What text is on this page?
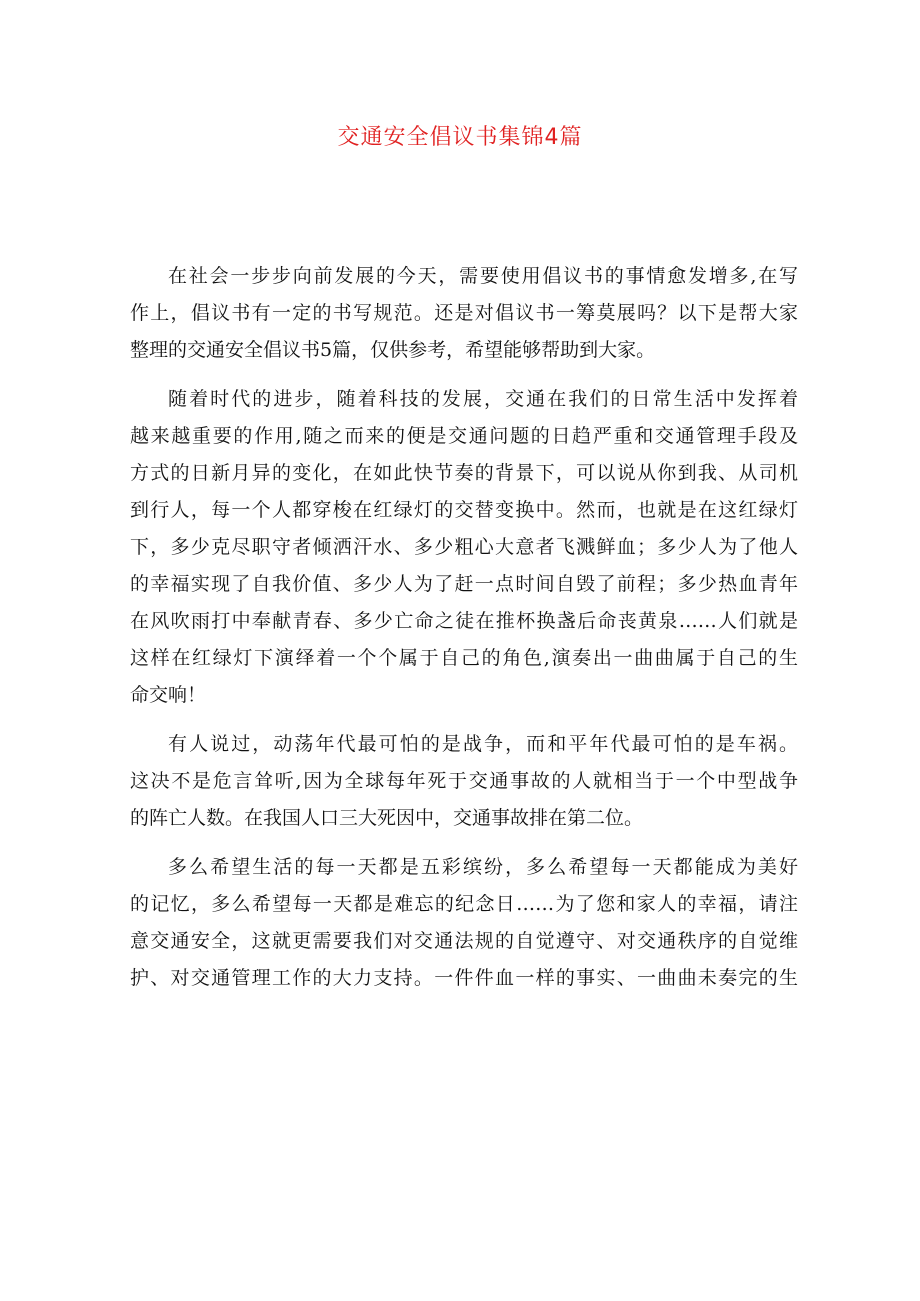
交通安全倡议书集锦4篇
在社会一步步向前发展的今天，需要使用倡议书的事情愈发增多,在写
作上，倡议书有一定的书写规范。还是对倡议书一筹莫展吗？以下是帮大家
整理的交通安全倡议书5篇，仅供参考，希望能够帮助到大家。
随着时代的进步，随着科技的发展，交通在我们的日常生活中发挥着
越来越重要的作用,随之而来的便是交通问题的日趋严重和交通管理手段及
方式的日新月异的变化，在如此快节奏的背景下，可以说从你到我、从司机
到行人，每一个人都穿梭在红绿灯的交替变换中。然而，也就是在这红绿灯
下，多少克尽职守者倾洒汗水、多少粗心大意者飞溅鲜血；多少人为了他人
的幸福实现了自我价值、多少人为了赶一点时间自毁了前程；多少热血青年
在风吹雨打中奉献青春、多少亡命之徒在推杯换盏后命丧黄泉……人们就是
这样在红绿灯下演绎着一个个属于自己的角色,演奏出一曲曲属于自己的生
命交响！
有人说过，动荡年代最可怕的是战争，而和平年代最可怕的是车祸。
这决不是危言耸听,因为全球每年死于交通事故的人就相当于一个中型战争
的阵亡人数。在我国人口三大死因中，交通事故排在第二位。
多么希望生活的每一天都是五彩缤纷，多么希望每一天都能成为美好
的记忆，多么希望每一天都是难忘的纪念日……为了您和家人的幸福，请注
意交通安全，这就更需要我们对交通法规的自觉遵守、对交通秩序的自觉维
护、对交通管理工作的大力支持。一件件血一样的事实、一曲曲未奏完的生
